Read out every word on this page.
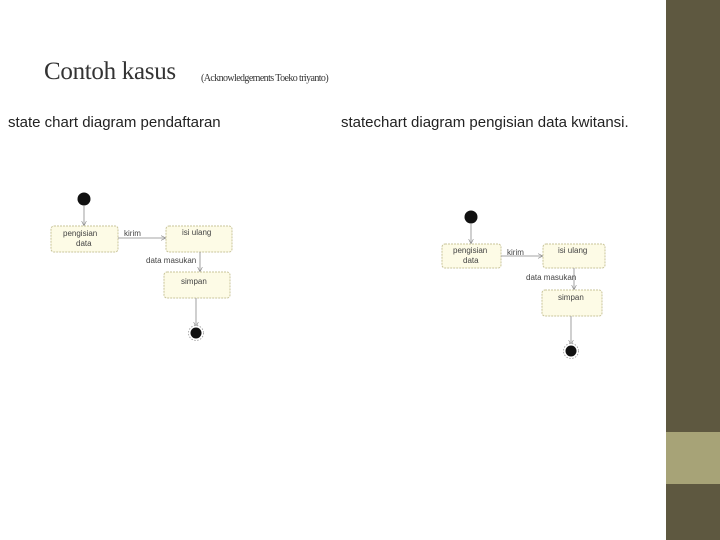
Contoh kasus	(Acknowledgements Toeko triyanto)
state chart diagram pendaftaran	statechart diagram pengisian data kwitansi.
pengisian
data
kirim	isi ulang
data masukan
simpan
pengisian
data
kirim	isi ulang
data masukan
simpan
